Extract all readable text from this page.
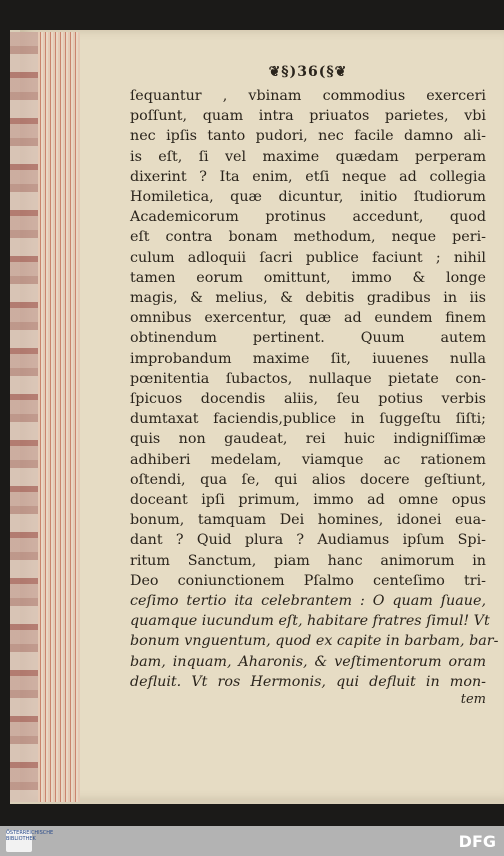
❦§)36(§❦
ſequantur , vbinam commodius exerceri
poſſunt, quam intra priuatos parietes, vbi
nec ipſis tanto pudori, nec facile damno ali-
is eſt, ſi vel maxime quædam perperam
dixerint ? Ita enim, etſi neque ad collegia
Homiletica, quæ dicuntur, initio ſtudiorum
Academicorum protinus accedunt, quod
eſt contra bonam methodum, neque peri-
culum adloquii ſacri publice faciunt ; nihil
tamen eorum omittunt, immo & longe
magis, & melius, & debitis gradibus in iis
omnibus exercentur, quæ ad eundem finem
obtinendum pertinent. Quum autem
improbandum maxime ſit, iuuenes nulla
pœnitentia ſubactos, nullaque pietate con-
ſpicuos docendis aliis, ſeu potius verbis
dumtaxat faciendis,publice in ſuggeſtu ſiſti;
quis non gaudeat, rei huic indigniſſimæ
adhiberi medelam, viamque ac rationem
oſtendi, qua ſe, qui alios docere geſtiunt,
doceant ipſi primum, immo ad omne opus
bonum, tamquam Dei homines, idonei eua-
dant ? Quid plura ? Audiamus ipſum Spi-
ritum Sanctum, piam hanc animorum in
Deo coniunctionem Pſalmo centeſimo tri-
ceſimo tertio ita celebrantem : O quam ſuaue,
quamque iucundum eſt, habitare fratres ſimul! Vt
bonum vnguentum, quod ex capite in barbam, bar-
bam, inquam, Aharonis, & veſtimentorum oram
defluit. Vt ros Hermonis, qui defluit in mon-
tem
ÖSTERREICHISCHE BIBLIOTHEK	DFG
